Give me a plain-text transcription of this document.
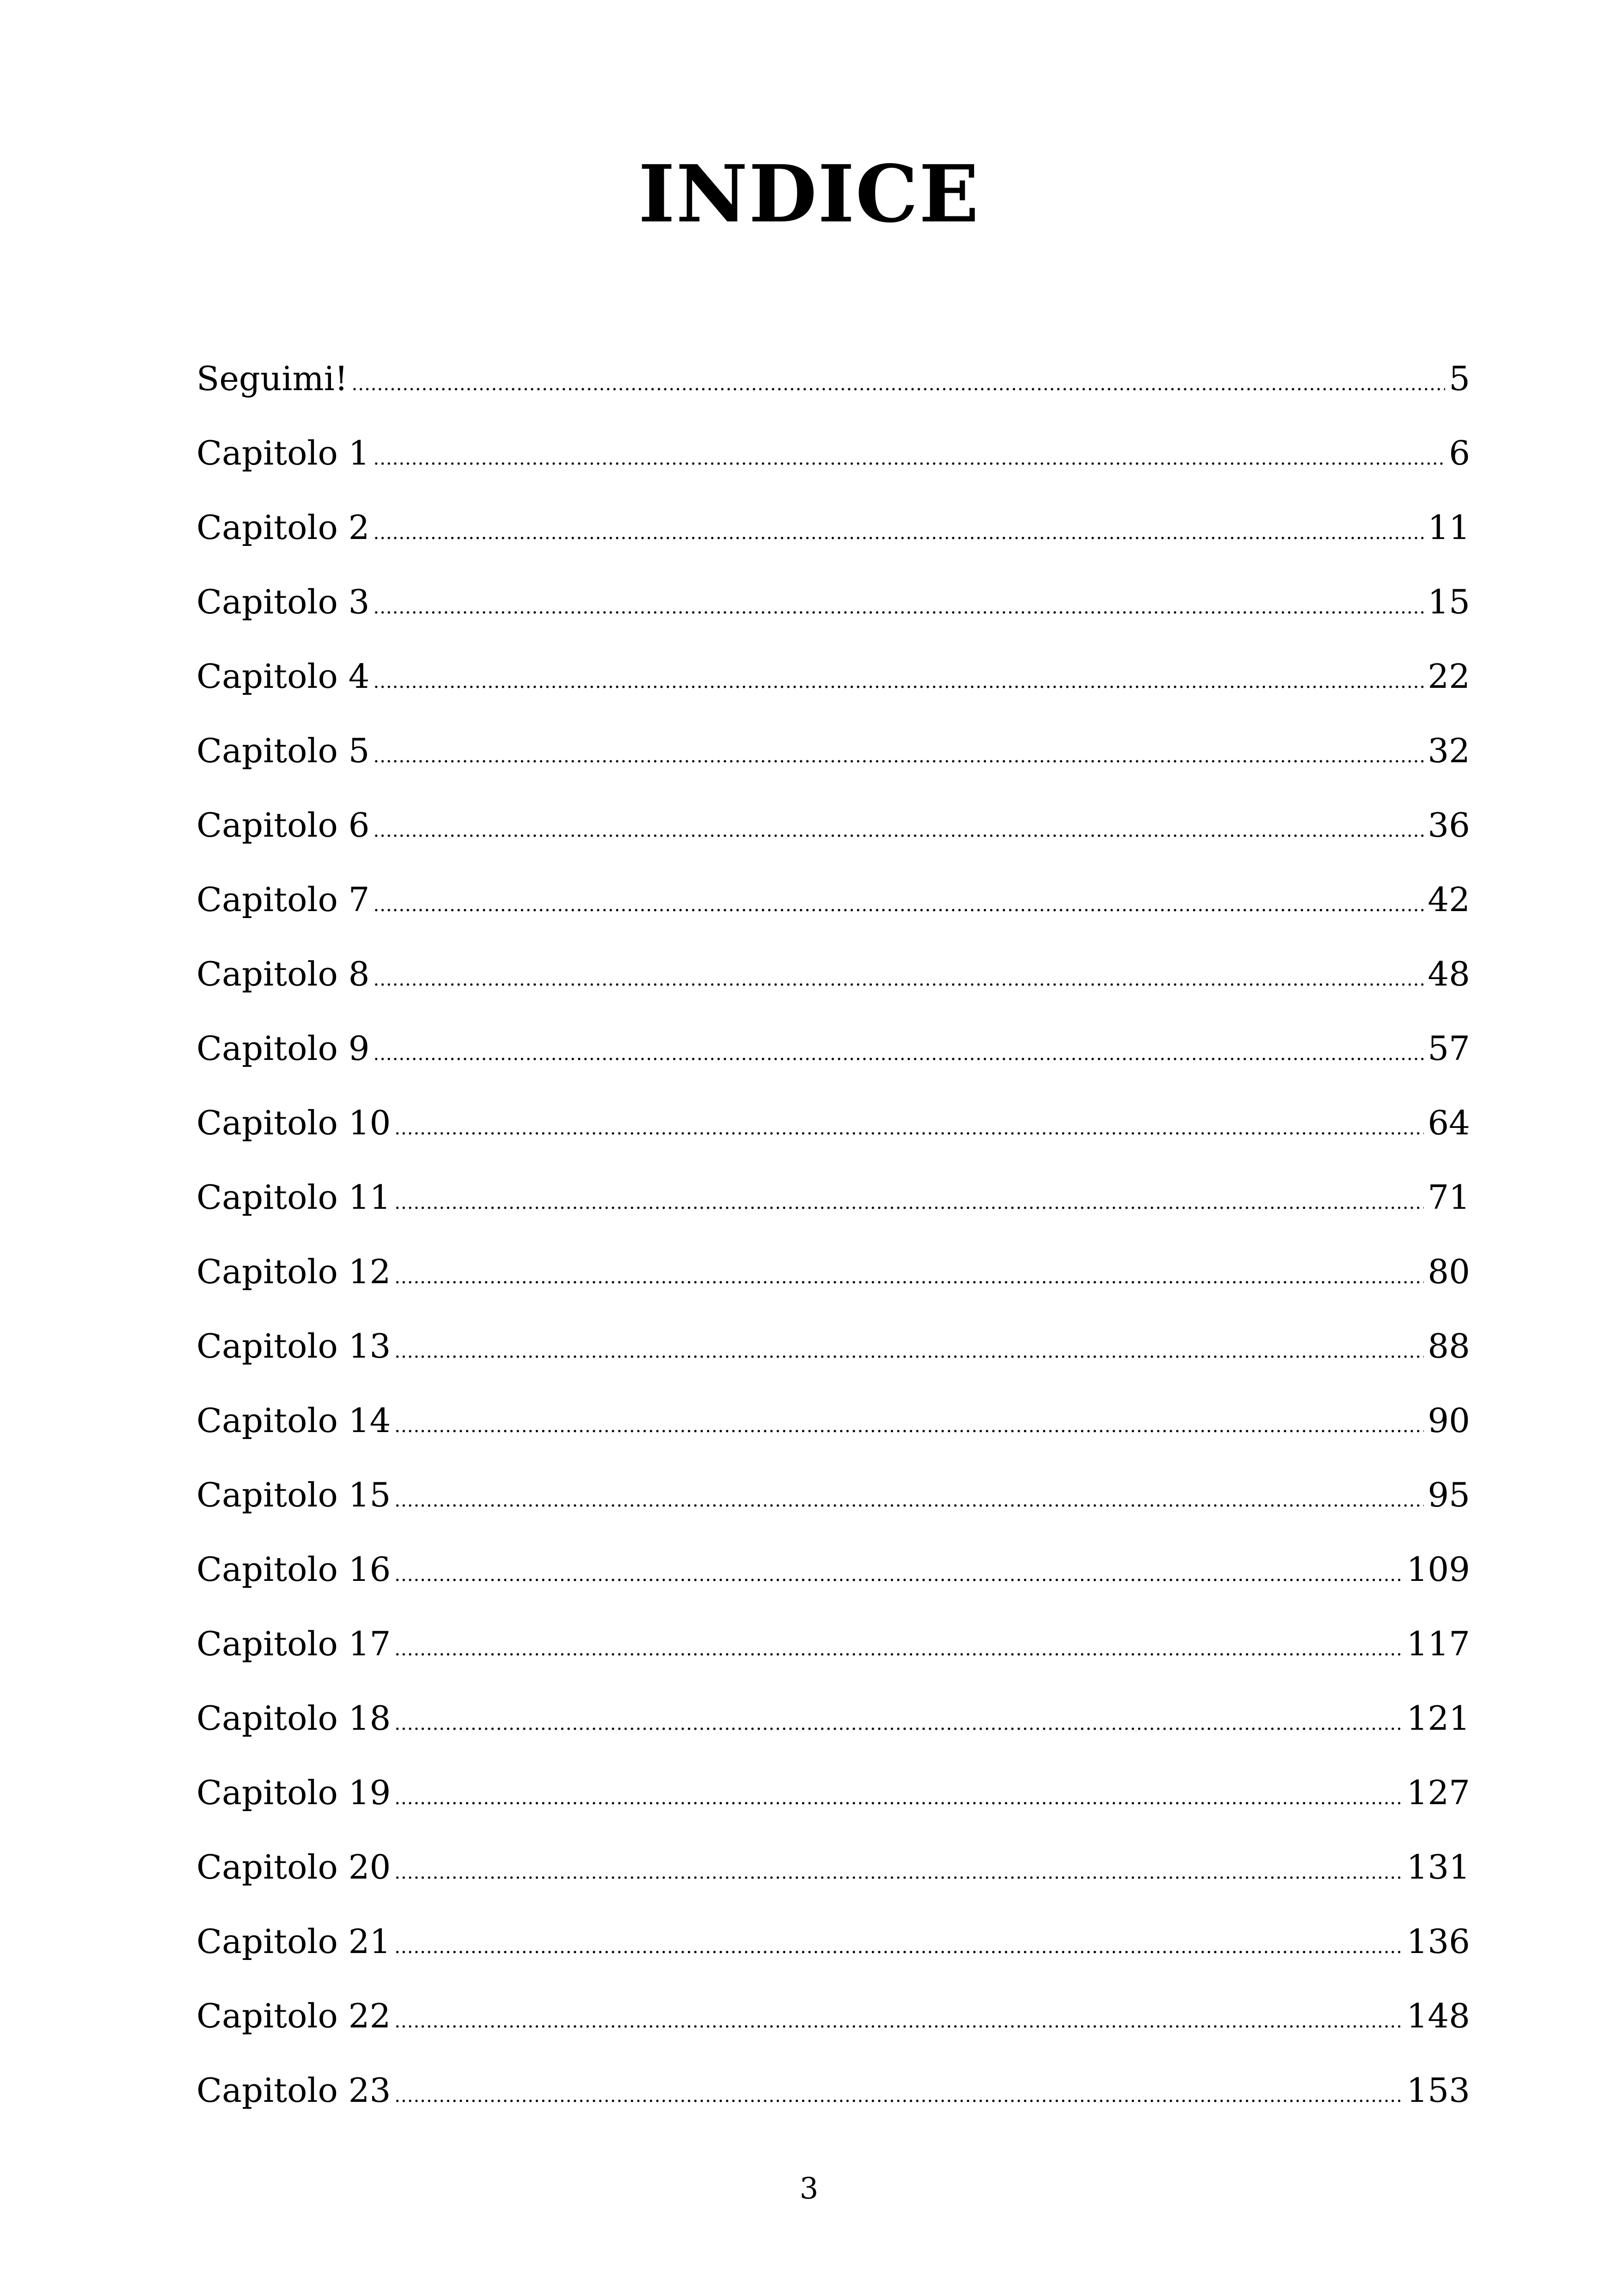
INDICE
Seguimi! .....	5
Capitolo 1 .....	6
Capitolo 2 .....	11
Capitolo 3 .....	15
Capitolo 4 .....	22
Capitolo 5 .....	32
Capitolo 6 .....	36
Capitolo 7 .....	42
Capitolo 8 .....	48
Capitolo 9 .....	57
Capitolo 10 .....	64
Capitolo 11 .....	71
Capitolo 12 .....	80
Capitolo 13 .....	88
Capitolo 14 .....	90
Capitolo 15 .....	95
Capitolo 16 .....	109
Capitolo 17 .....	117
Capitolo 18 .....	121
Capitolo 19 .....	127
Capitolo 20 .....	131
Capitolo 21 .....	136
Capitolo 22 .....	148
Capitolo 23 .....	153
3
